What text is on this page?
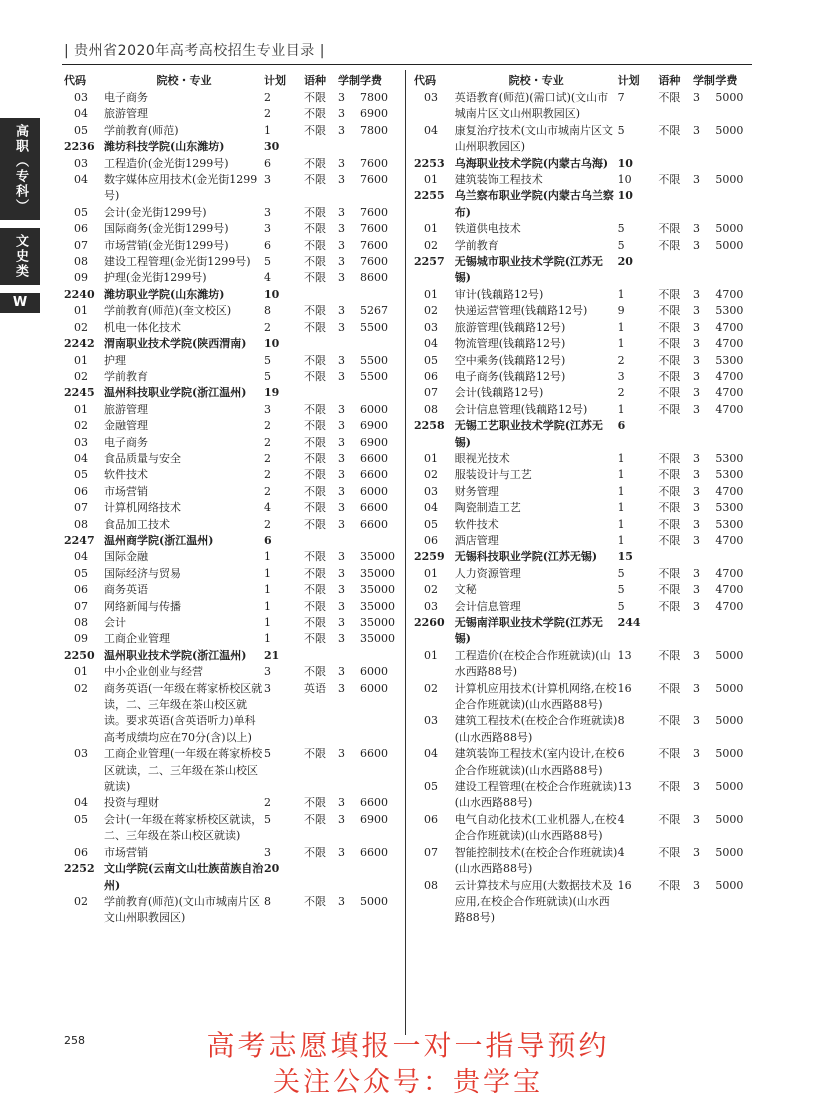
| 贵州省2020年高考高校招生专业目录 |
高职（专科）
文史类
W
代码	院校・专业	计划	语种	学制	学费
03	电子商务	2	不限	3	7800
04	旅游管理	2	不限	3	6900
05	学前教育(师范)	1	不限	3	7800
2236	潍坊科技学院(山东潍坊)	30			
03	工程造价(金光街1299号)	6	不限	3	7600
04	数字媒体应用技术(金光街1299号)	3	不限	3	7600
05	会计(金光街1299号)	3	不限	3	7600
06	国际商务(金光街1299号)	3	不限	3	7600
07	市场营销(金光街1299号)	6	不限	3	7600
08	建设工程管理(金光街1299号)	5	不限	3	7600
09	护理(金光街1299号)	4	不限	3	8600
2240	潍坊职业学院(山东潍坊)	10			
01	学前教育(师范)(奎文校区)	8	不限	3	5267
02	机电一体化技术	2	不限	3	5500
2242	渭南职业技术学院(陕西渭南)	10			
01	护理	5	不限	3	5500
02	学前教育	5	不限	3	5500
2245	温州科技职业学院(浙江温州)	19			
01	旅游管理	3	不限	3	6000
02	金融管理	2	不限	3	6900
03	电子商务	2	不限	3	6900
04	食品质量与安全	2	不限	3	6600
05	软件技术	2	不限	3	6600
06	市场营销	2	不限	3	6000
07	计算机网络技术	4	不限	3	6600
08	食品加工技术	2	不限	3	6600
2247	温州商学院(浙江温州)	6			
04	国际金融	1	不限	3	35000
05	国际经济与贸易	1	不限	3	35000
06	商务英语	1	不限	3	35000
07	网络新闻与传播	1	不限	3	35000
08	会计	1	不限	3	35000
09	工商企业管理	1	不限	3	35000
2250	温州职业技术学院(浙江温州)	21			
01	中小企业创业与经营	3	不限	3	6000
02	商务英语(一年级在蒋家桥校区就读，二、三年级在茶山校区就读。要求英语(含英语听力)单科高考成绩均应在70分(含)以上)	3	英语	3	6000
03	工商企业管理(一年级在蒋家桥校区就读，二、三年级在茶山校区就读)	5	不限	3	6600
04	投资与理财	2	不限	3	6600
05	会计(一年级在蒋家桥校区就读，二、三年级在茶山校区就读)	5	不限	3	6900
06	市场营销	3	不限	3	6600
2252	文山学院(云南文山壮族苗族自治州)	20			
02	学前教育(师范)(文山市城南片区文山州职教园区)	8	不限	3	5000
代码	院校・专业	计划	语种	学制	学费
03	英语教育(师范)(需口试)(文山市城南片区文山州职教园区)	7	不限	3	5000
04	康复治疗技术(文山市城南片区文山州职教园区)	5	不限	3	5000
2253	乌海职业技术学院(内蒙古乌海)	10			
01	建筑装饰工程技术	10	不限	3	5000
2255	乌兰察布职业学院(内蒙古乌兰察布)	10			
01	铁道供电技术	5	不限	3	5000
02	学前教育	5	不限	3	5000
2257	无锡城市职业技术学院(江苏无锡)	20			
01	审计(钱藕路12号)	1	不限	3	4700
02	快递运营管理(钱藕路12号)	9	不限	3	5300
03	旅游管理(钱藕路12号)	1	不限	3	4700
04	物流管理(钱藕路12号)	1	不限	3	4700
05	空中乘务(钱藕路12号)	2	不限	3	5300
06	电子商务(钱藕路12号)	3	不限	3	4700
07	会计(钱藕路12号)	2	不限	3	4700
08	会计信息管理(钱藕路12号)	1	不限	3	4700
2258	无锡工艺职业技术学院(江苏无锡)	6			
01	眼视光技术	1	不限	3	5300
02	服装设计与工艺	1	不限	3	5300
03	财务管理	1	不限	3	4700
04	陶瓷制造工艺	1	不限	3	5300
05	软件技术	1	不限	3	5300
06	酒店管理	1	不限	3	4700
2259	无锡科技职业学院(江苏无锡)	15			
01	人力资源管理	5	不限	3	4700
02	文秘	5	不限	3	4700
03	会计信息管理	5	不限	3	4700
2260	无锡南洋职业技术学院(江苏无锡)	244			
01	工程造价(在校企合作班就读)(山水西路88号)	13	不限	3	5000
02	计算机应用技术(计算机网络,在校企合作班就读)(山水西路88号)	16	不限	3	5000
03	建筑工程技术(在校企合作班就读)(山水西路88号)	8	不限	3	5000
04	建筑装饰工程技术(室内设计,在校企合作班就读)(山水西路88号)	6	不限	3	5000
05	建设工程管理(在校企合作班就读)(山水西路88号)	13	不限	3	5000
06	电气自动化技术(工业机器人,在校企合作班就读)(山水西路88号)	4	不限	3	5000
07	智能控制技术(在校企合作班就读)(山水西路88号)	4	不限	3	5000
08	云计算技术与应用(大数据技术及应用,在校企合作班就读)(山水西路88号)	16	不限	3	5000
258	高考志愿填报一对一指导预约
关注公众号：贵学宝
